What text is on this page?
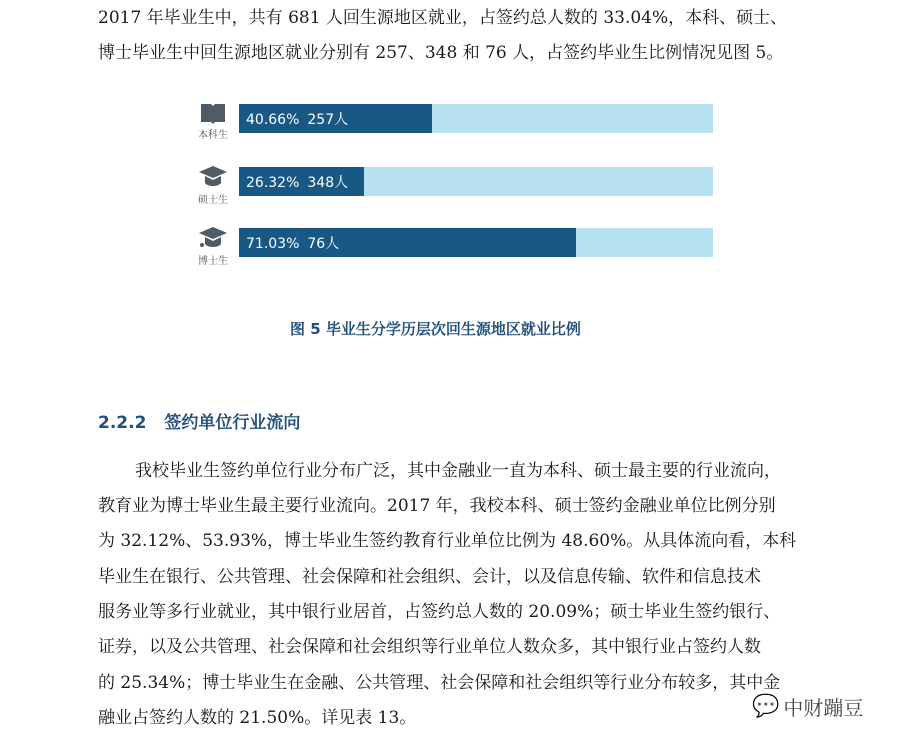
2017 年毕业生中，共有 681 人回生源地区就业，占签约总人数的 33.04%，本科、硕士、
博士毕业生中回生源地区就业分别有 257、348 和 76 人，占签约毕业生比例情况见图 5。
本科生
40.66% 257人
硕士生
26.32% 348人
博士生
71.03% 76人
图 5 毕业生分学历层次回生源地区就业比例
2.2.2 签约单位行业流向
我校毕业生签约单位行业分布广泛，其中金融业一直为本科、硕士最主要的行业流向，
教育业为博士毕业生最主要行业流向。2017 年，我校本科、硕士签约金融业单位比例分别
为 32.12%、53.93%，博士毕业生签约教育行业单位比例为 48.60%。从具体流向看，本科
毕业生在银行、公共管理、社会保障和社会组织、会计，以及信息传输、软件和信息技术
服务业等多行业就业，其中银行业居首，占签约总人数的 20.09%；硕士毕业生签约银行、
证券，以及公共管理、社会保障和社会组织等行业单位人数众多，其中银行业占签约人数
的 25.34%；博士毕业生在金融、公共管理、社会保障和社会组织等行业分布较多，其中金
融业占签约人数的 21.50%。详见表 13。	💬 中财蹦豆
